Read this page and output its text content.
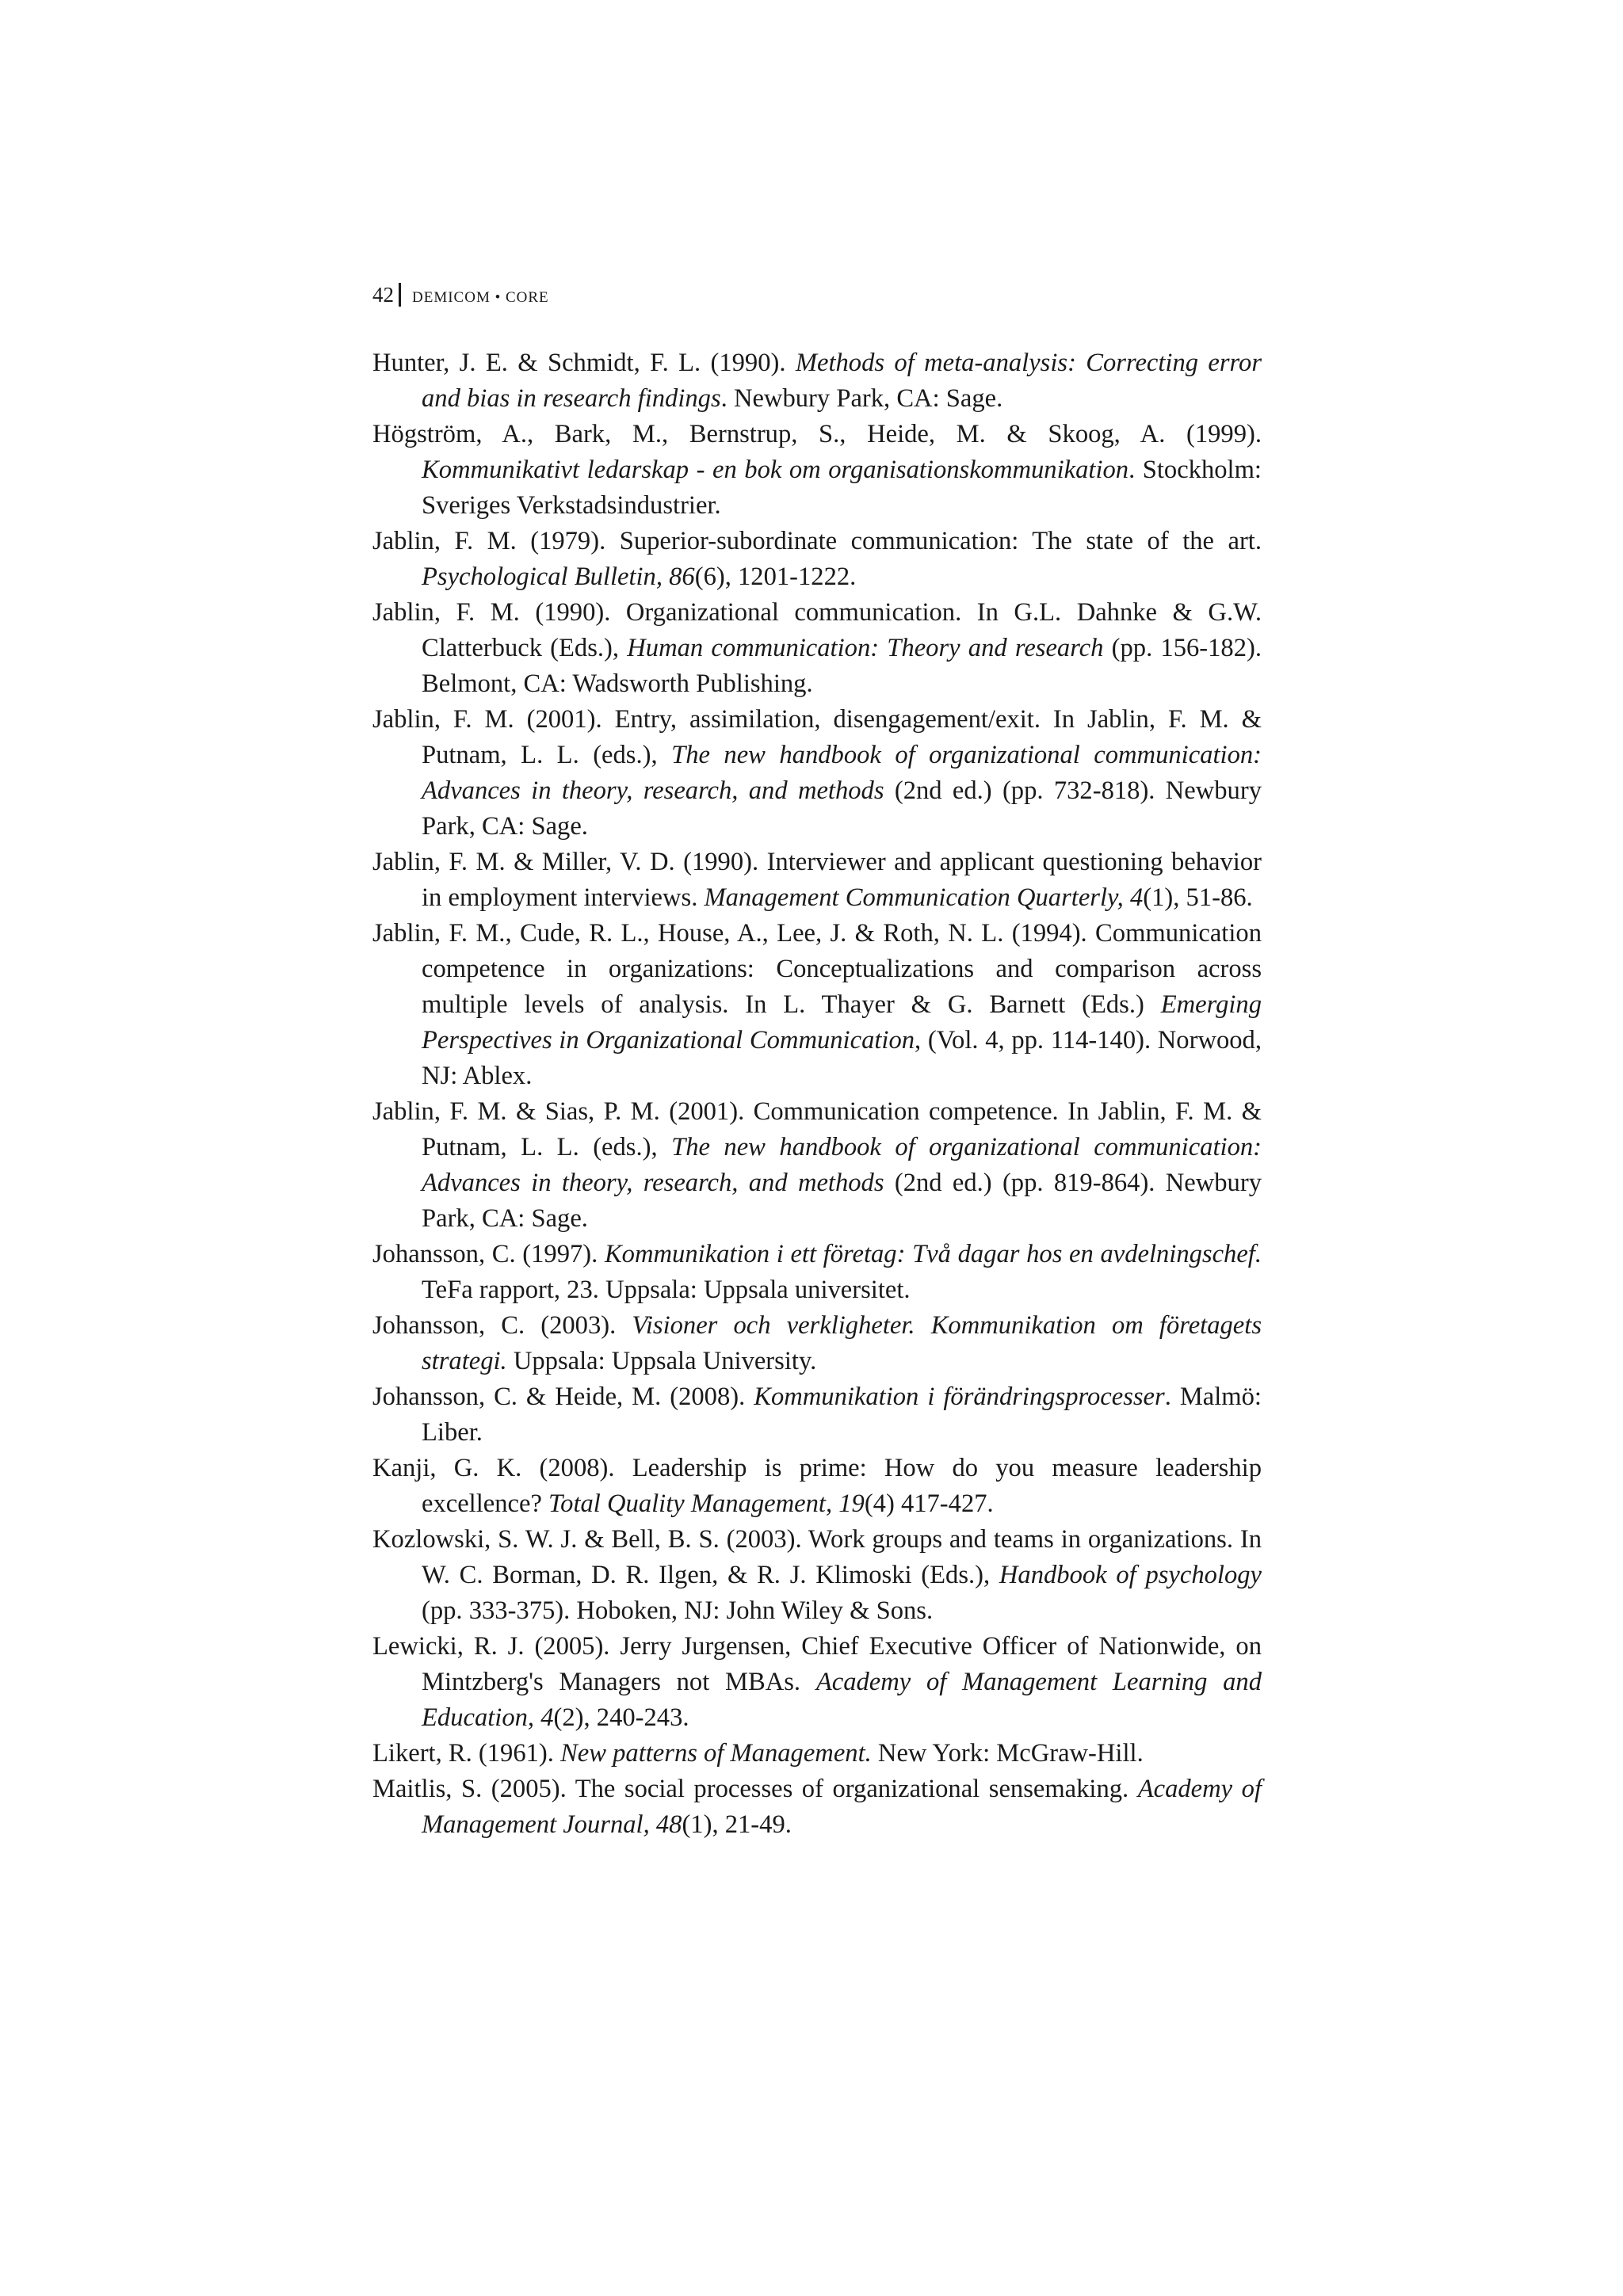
42 DEMICOM • CORE
Hunter, J. E. & Schmidt, F. L. (1990). Methods of meta-analysis: Correcting error and bias in research findings. Newbury Park, CA: Sage.
Högström, A., Bark, M., Bernstrup, S., Heide, M. & Skoog, A. (1999). Kommunikativt ledarskap - en bok om organisationskommunikation. Stockholm: Sveriges Verkstadsindustrier.
Jablin, F. M. (1979). Superior-subordinate communication: The state of the art. Psychological Bulletin, 86(6), 1201-1222.
Jablin, F. M. (1990). Organizational communication. In G.L. Dahnke & G.W. Clatterbuck (Eds.), Human communication: Theory and research (pp. 156-182). Belmont, CA: Wadsworth Publishing.
Jablin, F. M. (2001). Entry, assimilation, disengagement/exit. In Jablin, F. M. & Putnam, L. L. (eds.), The new handbook of organizational communication: Advances in theory, research, and methods (2nd ed.) (pp. 732-818). Newbury Park, CA: Sage.
Jablin, F. M. & Miller, V. D. (1990). Interviewer and applicant questioning behavior in employment interviews. Management Communication Quarterly, 4(1), 51-86.
Jablin, F. M., Cude, R. L., House, A., Lee, J. & Roth, N. L. (1994). Communication competence in organizations: Conceptualizations and comparison across multiple levels of analysis. In L. Thayer & G. Barnett (Eds.) Emerging Perspectives in Organizational Communication, (Vol. 4, pp. 114-140). Norwood, NJ: Ablex.
Jablin, F. M. & Sias, P. M. (2001). Communication competence. In Jablin, F. M. & Putnam, L. L. (eds.), The new handbook of organizational communication: Advances in theory, research, and methods (2nd ed.) (pp. 819-864). Newbury Park, CA: Sage.
Johansson, C. (1997). Kommunikation i ett företag: Två dagar hos en avdelningschef. TeFa rapport, 23. Uppsala: Uppsala universitet.
Johansson, C. (2003). Visioner och verkligheter. Kommunikation om företagets strategi. Uppsala: Uppsala University.
Johansson, C. & Heide, M. (2008). Kommunikation i förändringsprocesser. Malmö: Liber.
Kanji, G. K. (2008). Leadership is prime: How do you measure leadership excellence? Total Quality Management, 19(4) 417-427.
Kozlowski, S. W. J. & Bell, B. S. (2003). Work groups and teams in organizations. In W. C. Borman, D. R. Ilgen, & R. J. Klimoski (Eds.), Handbook of psychology (pp. 333-375). Hoboken, NJ: John Wiley & Sons.
Lewicki, R. J. (2005). Jerry Jurgensen, Chief Executive Officer of Nationwide, on Mintzberg's Managers not MBAs. Academy of Management Learning and Education, 4(2), 240-243.
Likert, R. (1961). New patterns of Management. New York: McGraw-Hill.
Maitlis, S. (2005). The social processes of organizational sensemaking. Academy of Management Journal, 48(1), 21-49.
